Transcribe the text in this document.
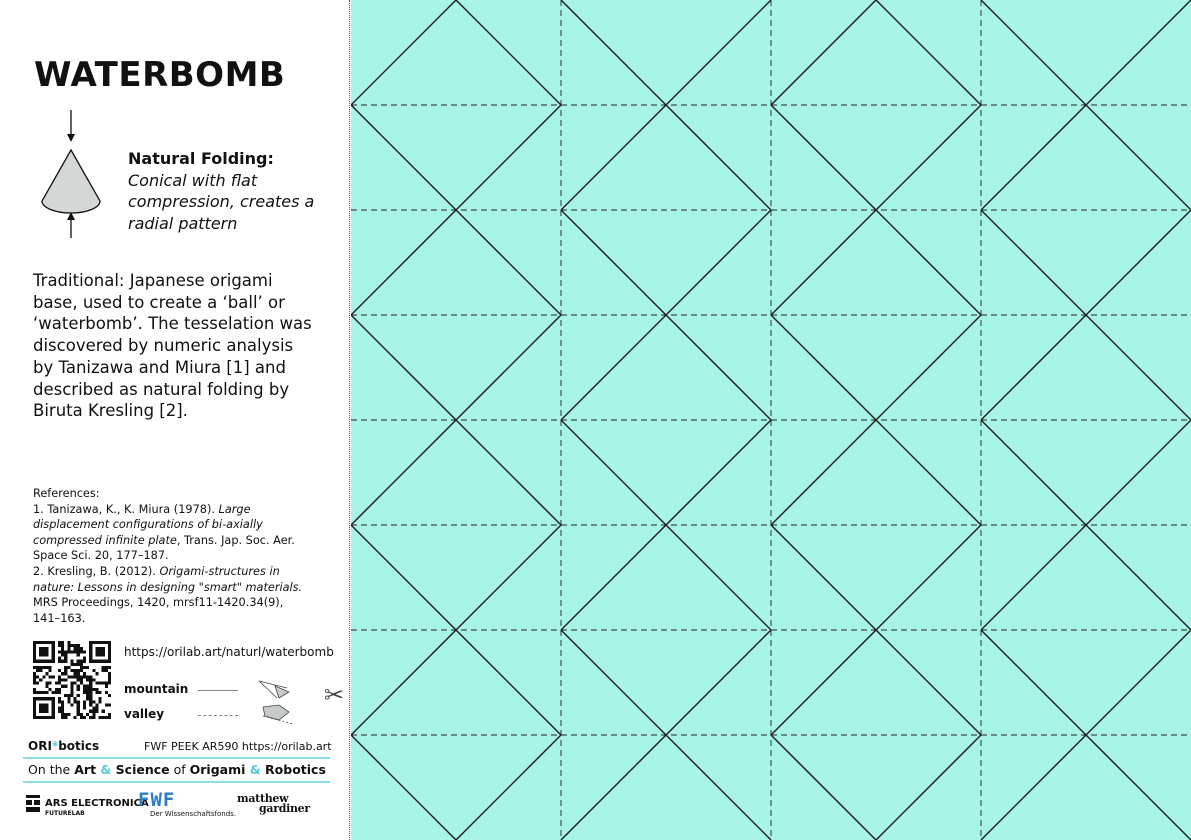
WATERBOMB
Natural Folding:
Conical with flat compression, creates a radial pattern

Traditional: Japanese origami base, used to create a ‘ball’ or ‘waterbomb’. The tesselation was discovered by numeric analysis by Tanizawa and Miura [1] and described as natural folding by Biruta Kresling [2].

References:

1. Tanizawa, K., K. Miura (1978). Large displacement configurations of bi-axially compressed infinite plate, Trans. Jap. Soc. Aer. Space Sci. 20, 177–187.

2. Kresling, B. (2012). Origami-structures in nature: Lessons in designing "smart" materials. MRS Proceedings, 1420, mrsf11-1420.34(9), 141–163.

https://orilab.art/naturl/waterbomb
mountain
valley
ORI*botics	FWF PEEK AR590 https://orilab.art
On the Art & Science of Origami & Robotics
ARS ELECTRONICA
FUTURELAB
FWF
Der Wissenschaftsfonds.
matthew
gardiner
✂
